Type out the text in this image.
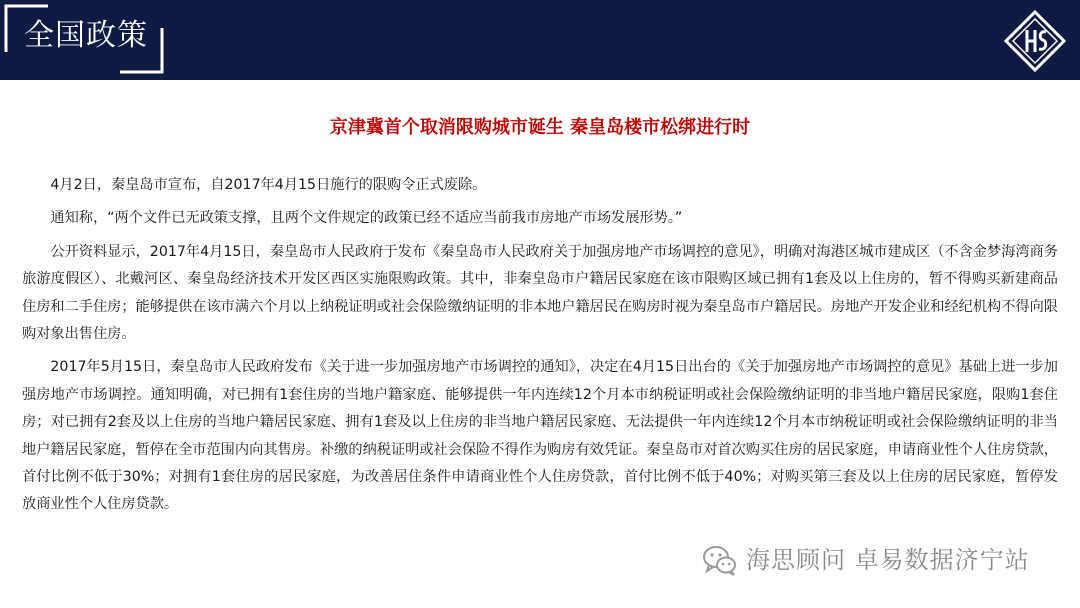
全国政策
京津冀首个取消限购城市诞生 秦皇岛楼市松绑进行时

4月2日，秦皇岛市宣布，自2017年4月15日施行的限购令正式废除。

通知称，“两个文件已无政策支撑，且两个文件规定的政策已经不适应当前我市房地产市场发展形势。”

公开资料显示，2017年4月15日，秦皇岛市人民政府于发布《秦皇岛市人民政府关于加强房地产市场调控的意见》，明确对海港区城市建成区（不含金梦海湾商务旅游度假区）、北戴河区、秦皇岛经济技术开发区西区实施限购政策。其中，非秦皇岛市户籍居民家庭在该市限购区域已拥有1套及以上住房的，暂不得购买新建商品住房和二手住房；能够提供在该市满六个月以上纳税证明或社会保险缴纳证明的非本地户籍居民在购房时视为秦皇岛市户籍居民。房地产开发企业和经纪机构不得向限购对象出售住房。

2017年5月15日，秦皇岛市人民政府发布《关于进一步加强房地产市场调控的通知》，决定在4月15日出台的《关于加强房地产市场调控的意见》基础上进一步加强房地产市场调控。通知明确，对已拥有1套住房的当地户籍家庭、能够提供一年内连续12个月本市纳税证明或社会保险缴纳证明的非当地户籍居民家庭，限购1套住房；对已拥有2套及以上住房的当地户籍居民家庭、拥有1套及以上住房的非当地户籍居民家庭、无法提供一年内连续12个月本市纳税证明或社会保险缴纳证明的非当地户籍居民家庭，暂停在全市范围内向其售房。补缴的纳税证明或社会保险不得作为购房有效凭证。秦皇岛市对首次购买住房的居民家庭，申请商业性个人住房贷款，首付比例不低于30%；对拥有1套住房的居民家庭，为改善居住条件申请商业性个人住房贷款，首付比例不低于40%；对购买第三套及以上住房的居民家庭，暂停发放商业性个人住房贷款。

海思顾问 卓易数据济宁站
